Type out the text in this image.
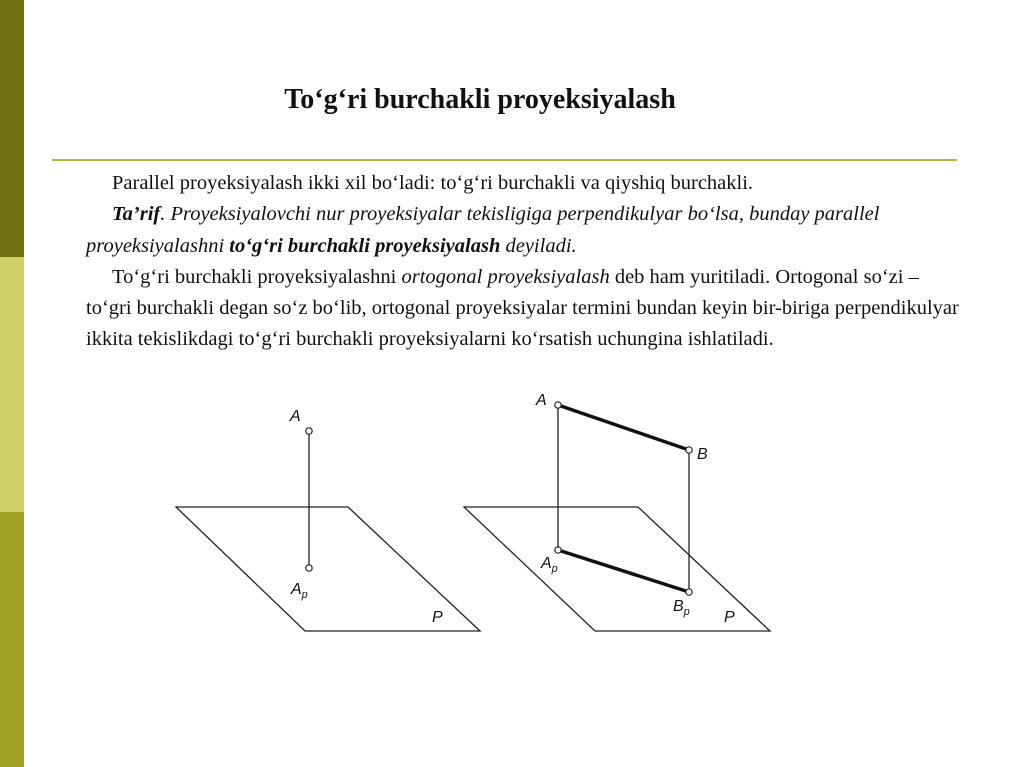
To‘g‘ri burchakli proyeksiyalash

Parallel proyeksiyalash ikki xil bo‘ladi: to‘g‘ri burchakli va qiyshiq burchakli.

Ta’rif. Proyeksiyalovchi nur proyeksiyalar tekisligiga perpendikulyar bo‘lsa, bunday parallel proyeksiyalashni to‘g‘ri burchakli proyeksiyalash deyiladi.

To‘g‘ri burchakli proyeksiyalashni ortogonal proyeksiyalash deb ham yuritiladi. Ortogonal so‘zi – to‘gri burchakli degan so‘z bo‘lib, ortogonal proyeksiyalar termini bundan keyin bir-biriga perpendikulyar ikkita tekislikdagi to‘g‘ri burchakli proyeksiyalarni ko‘rsatish uchungina ishlatiladi.

A
$A_p$
P
A
B
$A_p$
$B_p$ P
